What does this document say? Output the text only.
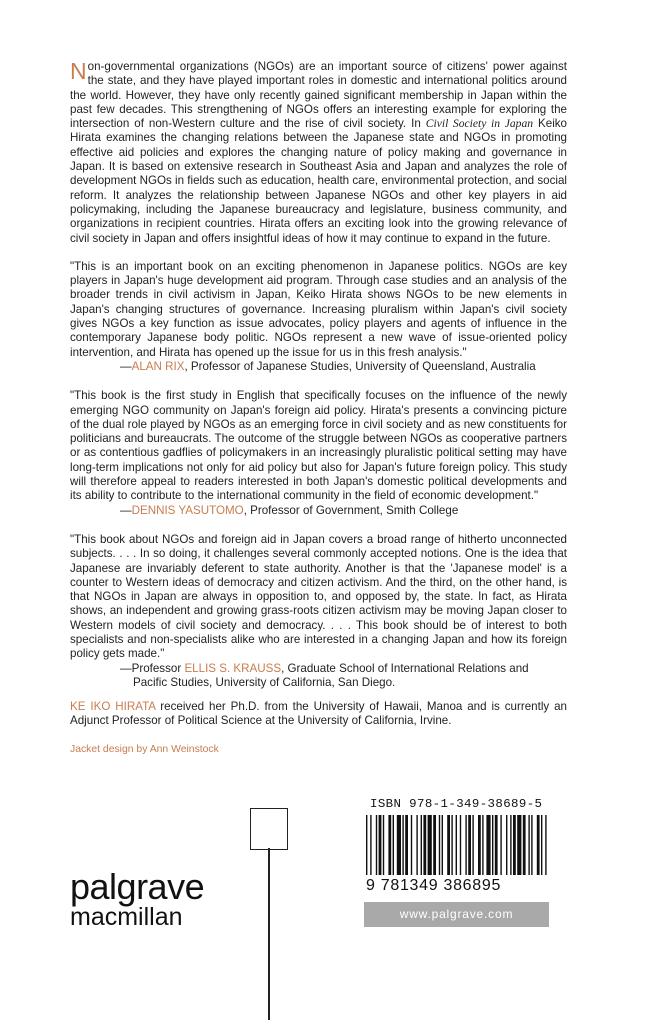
Non-governmental organizations (NGOs) are an important source of citizens' power against the state, and they have played important roles in domestic and international politics around the world. However, they have only recently gained significant membership in Japan within the past few decades. This strengthening of NGOs offers an interesting example for exploring the intersection of non-Western culture and the rise of civil society. In Civil Society in Japan Keiko Hirata examines the changing relations between the Japanese state and NGOs in promoting effective aid policies and explores the changing nature of policy making and governance in Japan. It is based on extensive research in Southeast Asia and Japan and analyzes the role of development NGOs in fields such as education, health care, environmental protection, and social reform. It analyzes the relationship between Japanese NGOs and other key players in aid policymaking, including the Japanese bureaucracy and legislature, business community, and organizations in recipient countries. Hirata offers an exciting look into the growing relevance of civil society in Japan and offers insightful ideas of how it may continue to expand in the future.

"This is an important book on an exciting phenomenon in Japanese politics. NGOs are key players in Japan's huge development aid program. Through case studies and an analysis of the broader trends in civil activism in Japan, Keiko Hirata shows NGOs to be new elements in Japan's changing structures of governance. Increasing pluralism within Japan's civil society gives NGOs a key function as issue advocates, policy players and agents of influence in the contemporary Japanese body politic. NGOs represent a new wave of issue-oriented policy intervention, and Hirata has opened up the issue for us in this fresh analysis."

—ALAN RIX, Professor of Japanese Studies, University of Queensland, Australia

"This book is the first study in English that specifically focuses on the influence of the newly emerging NGO community on Japan's foreign aid policy. Hirata's presents a convincing picture of the dual role played by NGOs as an emerging force in civil society and as new constituents for politicians and bureaucrats. The outcome of the struggle between NGOs as cooperative partners or as contentious gadflies of policymakers in an increasingly pluralistic political setting may have long-term implications not only for aid policy but also for Japan's future foreign policy. This study will therefore appeal to readers interested in both Japan's domestic political developments and its ability to contribute to the international community in the field of economic development."

—DENNIS YASUTOMO, Professor of Government, Smith College

"This book about NGOs and foreign aid in Japan covers a broad range of hitherto unconnected subjects. . . . In so doing, it challenges several commonly accepted notions. One is the idea that Japanese are invariably deferent to state authority. Another is that the 'Japanese model' is a counter to Western ideas of democracy and citizen activism. And the third, on the other hand, is that NGOs in Japan are always in opposition to, and opposed by, the state. In fact, as Hirata shows, an independent and growing grass-roots citizen activism may be moving Japan closer to Western models of civil society and democracy. . . . This book should be of interest to both specialists and non-specialists alike who are interested in a changing Japan and how its foreign policy gets made."

—Professor ELLIS S. KRAUSS, Graduate School of International Relations and
Pacific Studies, University of California, San Diego.

KE IKO HIRATA received her Ph.D. from the University of Hawaii, Manoa and is currently an Adjunct Professor of Political Science at the University of California, Irvine.

Jacket design by Ann Weinstock
palgrave
macmillan
ISBN 978-1-349-38689-5
9 781349 386895
www.palgrave.com
